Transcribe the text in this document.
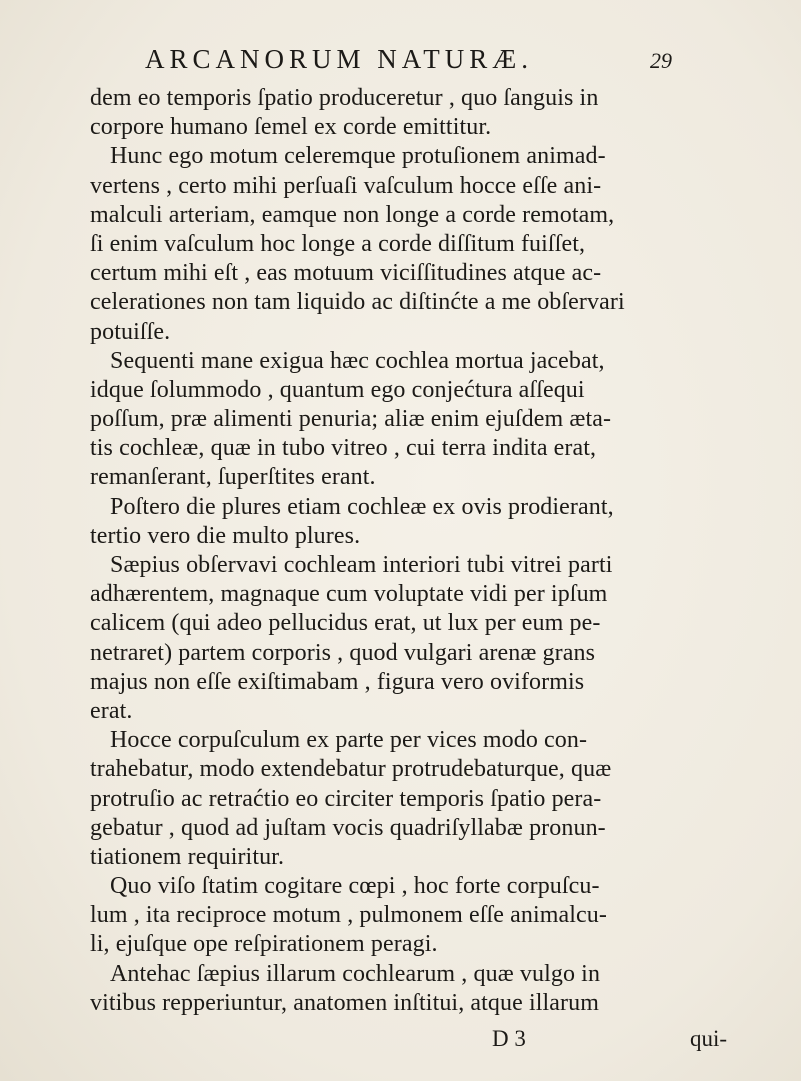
ARCANORUM NATURÆ.	29
dem eo temporis ſpatio produceretur , quo ſanguis in
corpore humano ſemel ex corde emittitur.
Hunc ego motum celeremque protuſionem animad-
vertens , certo mihi perſuaſi vaſculum hocce eſſe ani-
malculi arteriam, eamque non longe a corde remotam,
ſi enim vaſculum hoc longe a corde diſſitum fuiſſet,
certum mihi eſt , eas motuum viciſſitudines atque ac-
celerationes non tam liquido ac diſtinćte a me obſervari
potuiſſe.
Sequenti mane exigua hæc cochlea mortua jacebat,
idque ſolummodo , quantum ego conjećtura aſſequi
poſſum, præ alimenti penuria; aliæ enim ejuſdem æta-
tis cochleæ, quæ in tubo vitreo , cui terra indita erat,
remanſerant, ſuperſtites erant.
Poſtero die plures etiam cochleæ ex ovis prodierant,
tertio vero die multo plures.
Sæpius obſervavi cochleam interiori tubi vitrei parti
adhærentem, magnaque cum voluptate vidi per ipſum
calicem (qui adeo pellucidus erat, ut lux per eum pe-
netraret) partem corporis , quod vulgari arenæ grans
majus non eſſe exiſtimabam , figura vero oviformis
erat.
Hocce corpuſculum ex parte per vices modo con-
trahebatur, modo extendebatur protrudebaturque, quæ
protruſio ac retraćtio eo circiter temporis ſpatio pera-
gebatur , quod ad juſtam vocis quadriſyllabæ pronun-
tiationem requiritur.
Quo viſo ſtatim cogitare cœpi , hoc forte corpuſcu-
lum , ita reciproce motum , pulmonem eſſe animalcu-
li, ejuſque ope reſpirationem peragi.
Antehac ſæpius illarum cochlearum , quæ vulgo in
vitibus repperiuntur, anatomen inſtitui, atque illarum
D 3	qui-
